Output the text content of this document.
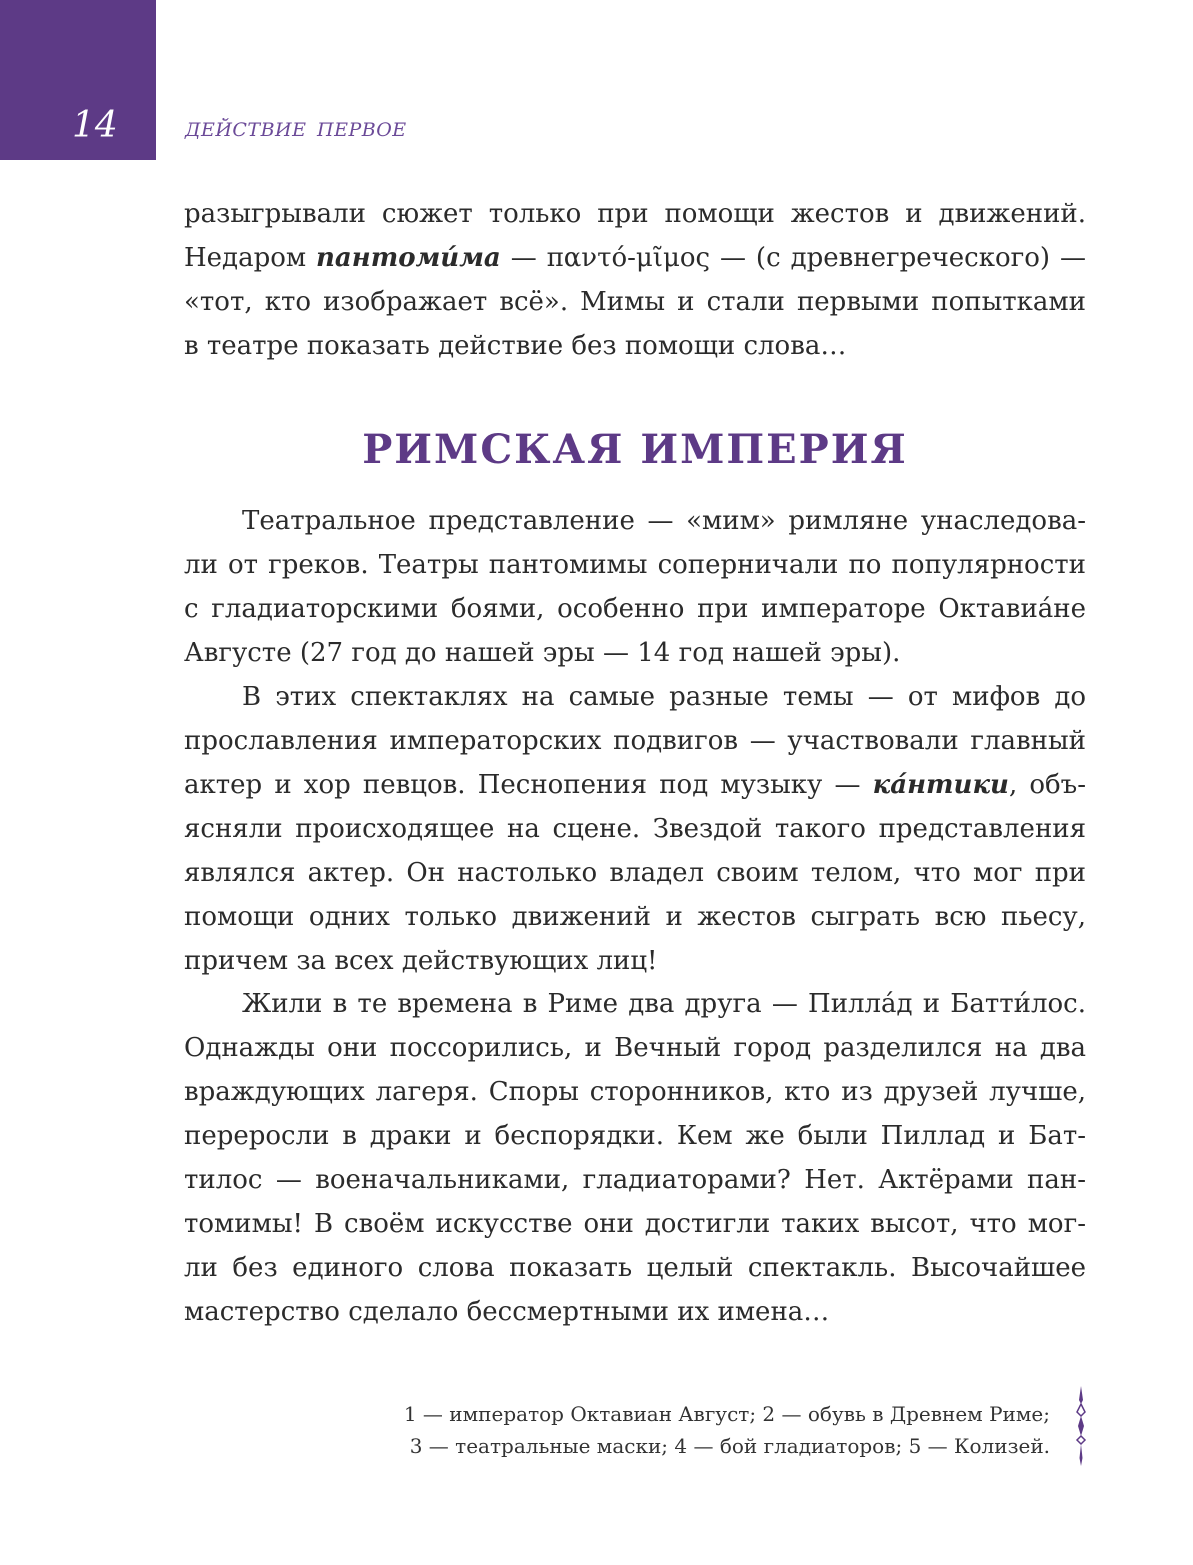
14	ДЕЙСТВИЕ ПЕРВОЕ
разыгрывали сюжет только при помощи жестов и движений.
Недаром пантоми́ма — παντό-μῖμος — (с древнегреческого) —
«тот, кто изображает всё». Мимы и стали первыми попытками
в театре показать действие без помощи слова…
РИМСКАЯ ИМПЕРИЯ
Театральное представление — «мим» римляне унаследова-
ли от греков. Театры пантомимы соперничали по популярности
с гладиаторскими боями, особенно при императоре Октавиа́не
Августе (27 год до нашей эры — 14 год нашей эры).
В этих спектаклях на самые разные темы — от мифов до
прославления императорских подвигов — участвовали главный
актер и хор певцов. Песнопения под музыку — ка́нтики, объ-
ясняли происходящее на сцене. Звездой такого представления
являлся актер. Он настолько владел своим телом, что мог при
помощи одних только движений и жестов сыграть всю пьесу,
причем за всех действующих лиц!
Жили в те времена в Риме два друга — Пилла́д и Батти́лос.
Однажды они поссорились, и Вечный город разделился на два
враждующих лагеря. Споры сторонников, кто из друзей лучше,
переросли в драки и беспорядки. Кем же были Пиллад и Бат-
тилос — военачальниками, гладиаторами? Нет. Актёрами пан-
томимы! В своём искусстве они достигли таких высот, что мог-
ли без единого слова показать целый спектакль. Высочайшее
мастерство сделало бессмертными их имена…
1 — император Октавиан Август; 2 — обувь в Древнем Риме;
3 — театральные маски; 4 — бой гладиаторов; 5 — Колизей.
